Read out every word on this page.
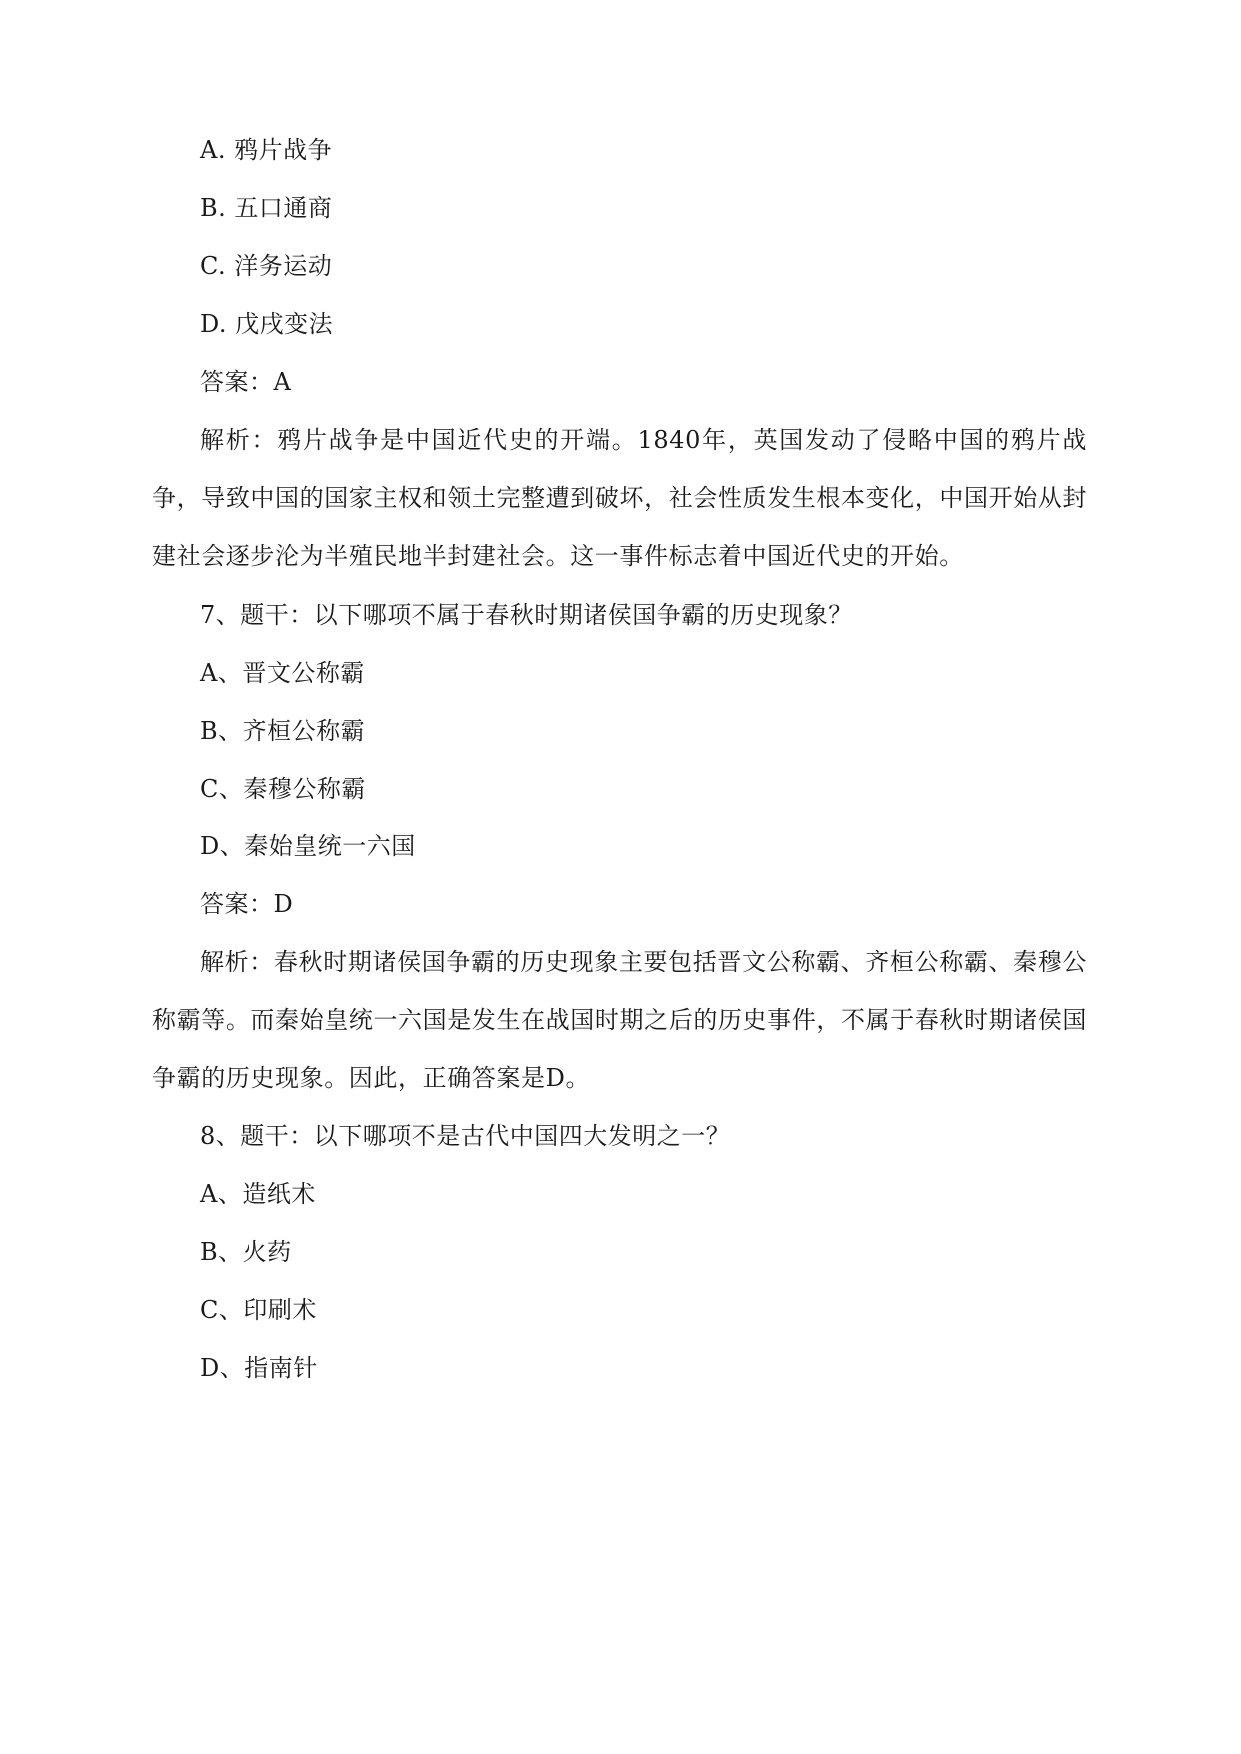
A. 鸦片战争
B. 五口通商
C. 洋务运动
D. 戊戌变法
答案：A
解析：鸦片战争是中国近代史的开端。1840年，英国发动了侵略中国的鸦片战争，导致中国的国家主权和领土完整遭到破坏，社会性质发生根本变化，中国开始从封建社会逐步沦为半殖民地半封建社会。这一事件标志着中国近代史的开始。
7、题干：以下哪项不属于春秋时期诸侯国争霸的历史现象？
A、晋文公称霸
B、齐桓公称霸
C、秦穆公称霸
D、秦始皇统一六国
答案：D
解析：春秋时期诸侯国争霸的历史现象主要包括晋文公称霸、齐桓公称霸、秦穆公称霸等。而秦始皇统一六国是发生在战国时期之后的历史事件，不属于春秋时期诸侯国争霸的历史现象。因此，正确答案是D。
8、题干：以下哪项不是古代中国四大发明之一？
A、造纸术
B、火药
C、印刷术
D、指南针
